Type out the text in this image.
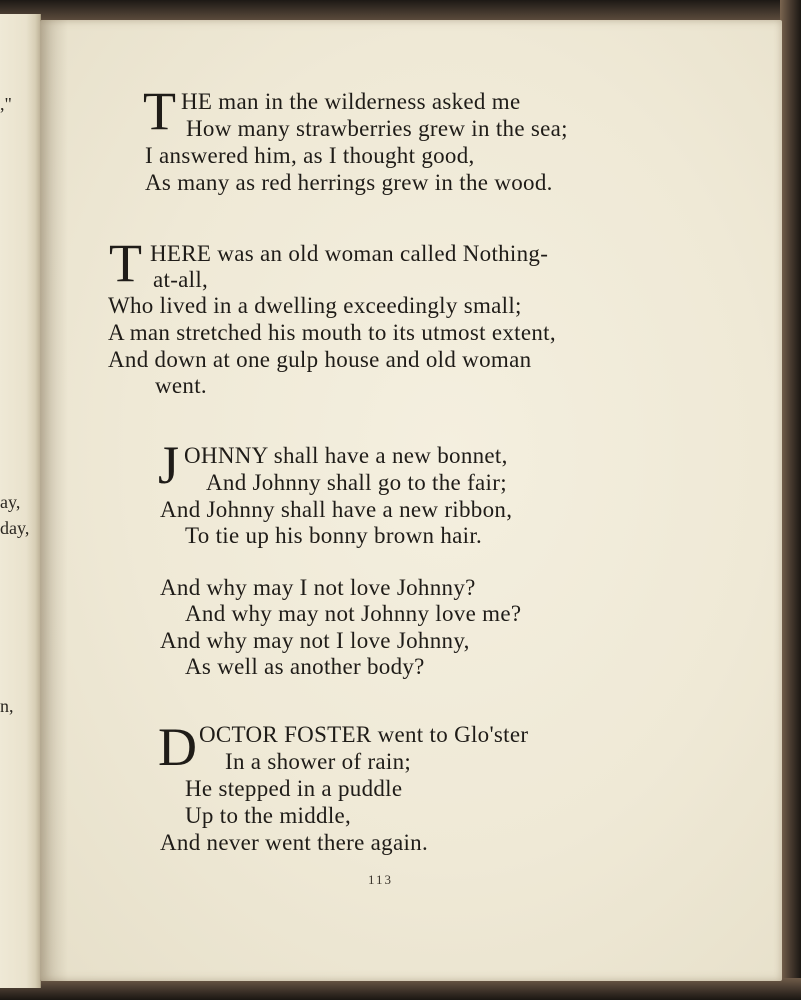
,"
ay,
day,
n,
T HE man in the wilderness asked me
How many strawberries grew in the sea;
I answered him, as I thought good,
As many as red herrings grew in the wood.
T HERE was an old woman called Nothing-
at-all,
Who lived in a dwelling exceedingly small;
A man stretched his mouth to its utmost extent,
And down at one gulp house and old woman
went.
J OHNNY shall have a new bonnet,
And Johnny shall go to the fair;
And Johnny shall have a new ribbon,
To tie up his bonny brown hair.
And why may I not love Johnny?
And why may not Johnny love me?
And why may not I love Johnny,
As well as another body?
D OCTOR FOSTER went to Glo'ster
In a shower of rain;
He stepped in a puddle
Up to the middle,
And never went there again.
113
